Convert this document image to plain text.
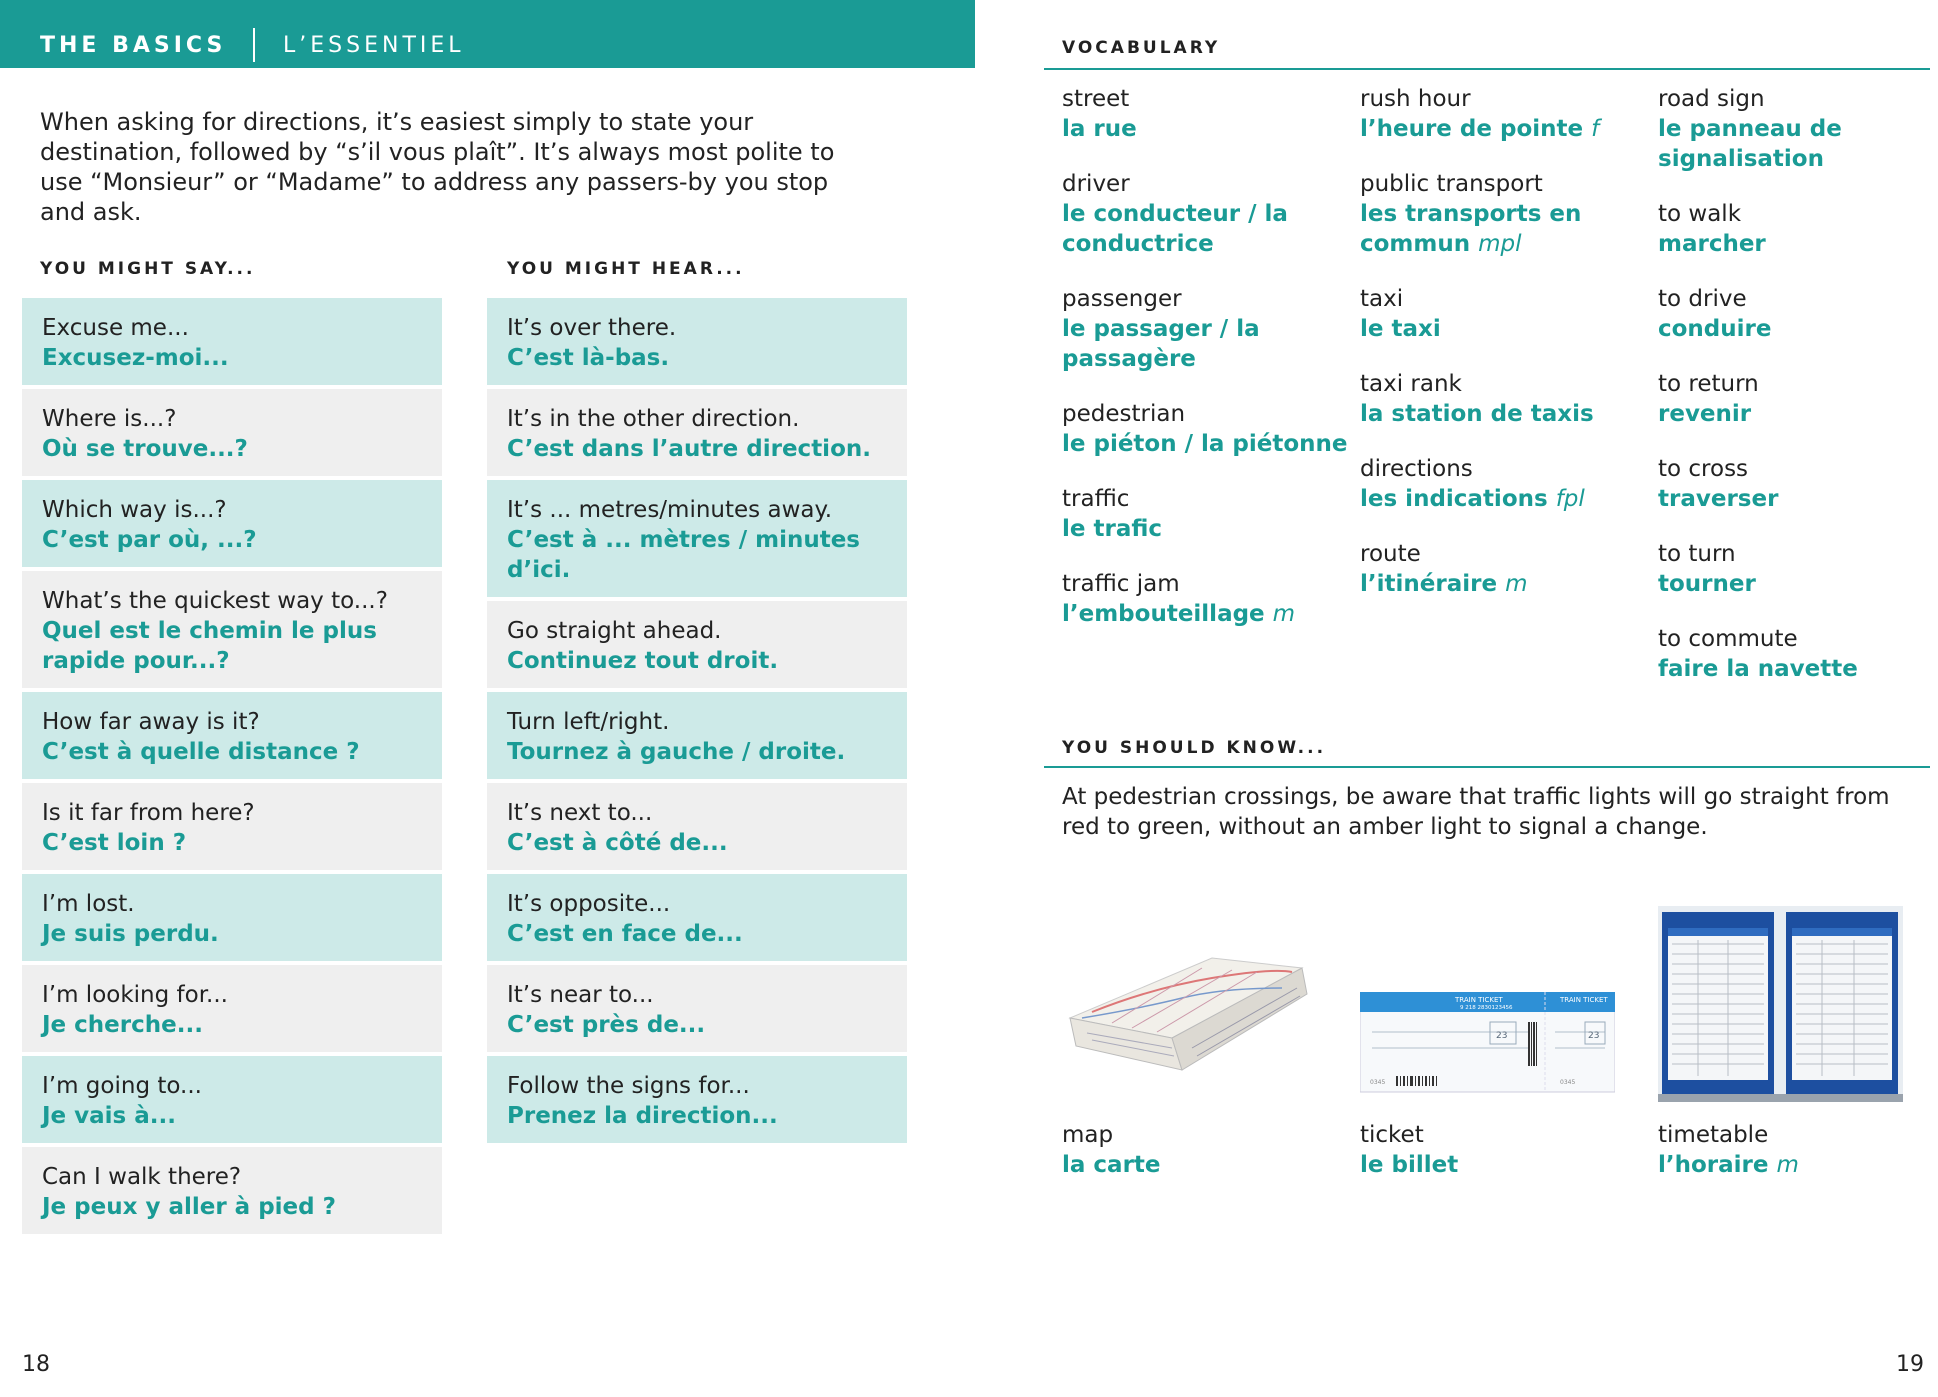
THE BASICS	L’ESSENTIEL

When asking for directions, it’s easiest simply to state your destination, followed by “s’il vous plaît”. It’s always most polite to use “Monsieur” or “Madame” to address any passers-by you stop and ask.

YOU MIGHT SAY...	YOU MIGHT HEAR...
Excuse me...
Excusez-moi...
Where is...?
Où se trouve...?
Which way is...?
C’est par où, ...?
What’s the quickest way to...?
Quel est le chemin le plus rapide pour...?
How far away is it?
C’est à quelle distance ?
Is it far from here?
C’est loin ?
I’m lost.
Je suis perdu.
I’m looking for...
Je cherche...
I’m going to...
Je vais à...
Can I walk there?
Je peux y aller à pied ?
It’s over there.
C’est là-bas.
It’s in the other direction.
C’est dans l’autre direction.
It’s ... metres/minutes away.
C’est à ... mètres / minutes d’ici.
Go straight ahead.
Continuez tout droit.
Turn left/right.
Tournez à gauche / droite.
It’s next to...
C’est à côté de...
It’s opposite...
C’est en face de...
It’s near to...
C’est près de...
Follow the signs for...
Prenez la direction...
18
VOCABULARY
street
la rue
driver
le conducteur / la conductrice
passenger
le passager / la passagère
pedestrian
le piéton / la piétonne
traffic
le trafic
traffic jam
l’embouteillage m
rush hour
l’heure de pointe f
public transport
les transports en commun mpl
taxi
le taxi
taxi rank
la station de taxis
directions
les indications fpl
route
l’itinéraire m
road sign
le panneau de signalisation
to walk
marcher
to drive
conduire
to return
revenir
to cross
traverser
to turn
tourner
to commute
faire la navette
YOU SHOULD KNOW...

At pedestrian crossings, be aware that traffic lights will go straight from red to green, without an amber light to signal a change.

map
la carte
TRAIN TICKET
9 218 2830123456
TRAIN TICKET
23	23
0345	0345
ticket
le billet
timetable
l’horaire m
19
